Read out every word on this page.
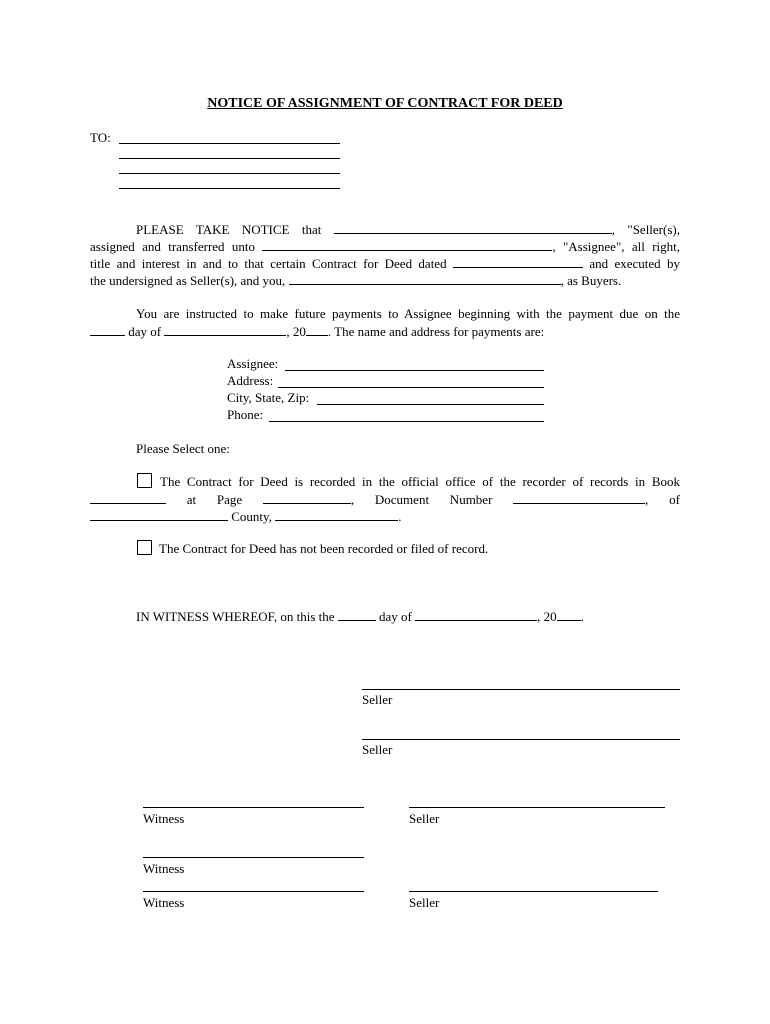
NOTICE OF ASSIGNMENT OF CONTRACT FOR DEED
TO:
PLEASE TAKE NOTICE that	, "Seller(s),
assigned and transferred unto	, "Assignee", all right,
title and interest in and to that certain Contract for Deed dated	and executed by
the undersigned as Seller(s), and you,	, as Buyers.
You are instructed to make future payments to Assignee beginning with the payment due on the
day of	, 20 . The name and address for payments are:
Assignee:
Address:
City, State, Zip:
Phone:
Please Select one:
The Contract for Deed is recorded in the official office of the recorder of records in Book
at Page	, Document Number	, of
County,	.
The Contract for Deed has not been recorded or filed of record.
IN WITNESS WHEREOF, on this the	day of	, 20 .
Seller
Seller
Witness	Seller
Witness
Witness	Seller
